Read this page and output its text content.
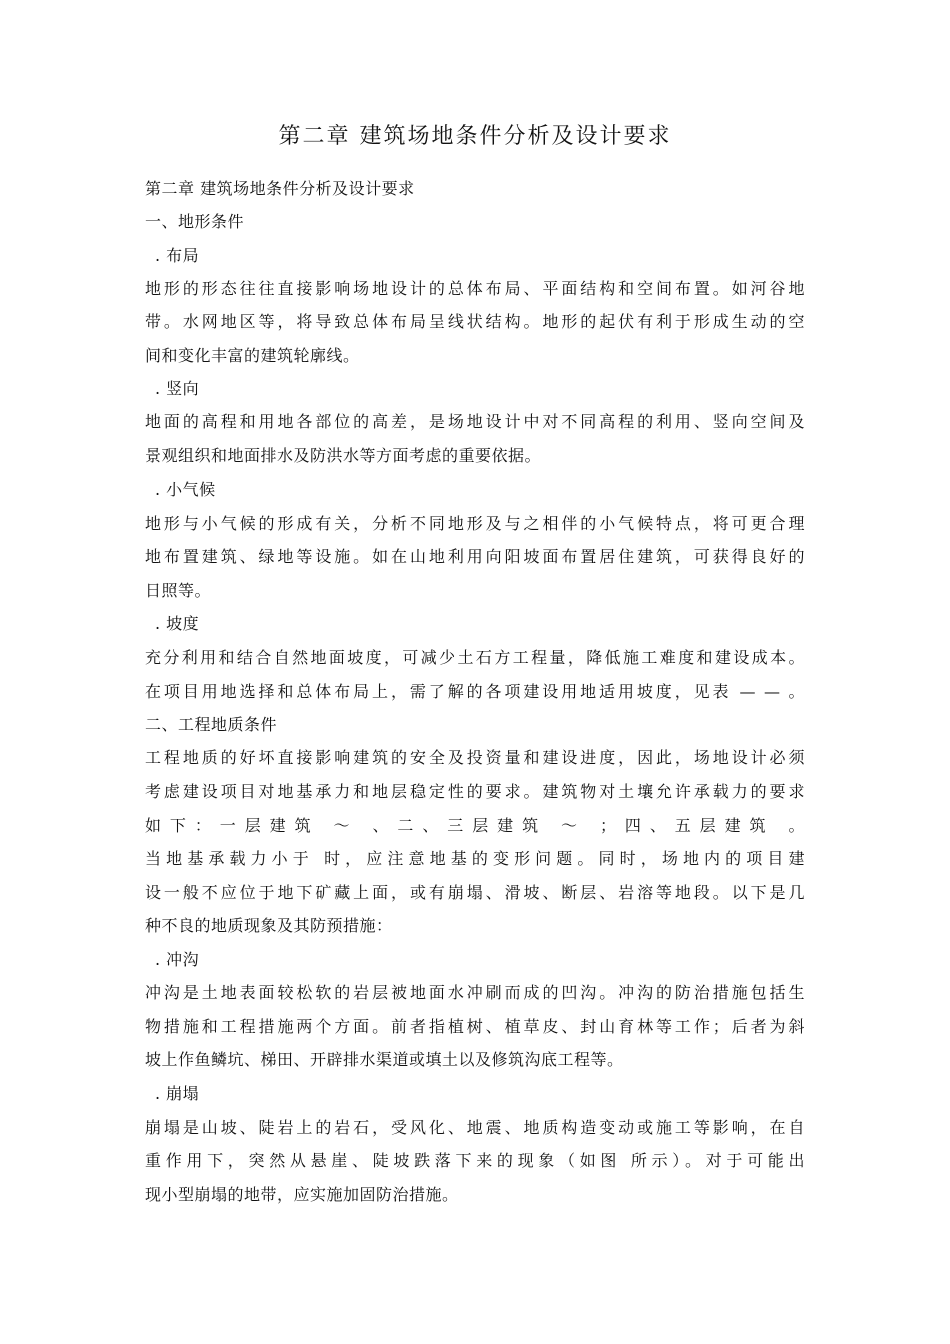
第二章 建筑场地条件分析及设计要求
第二章 建筑场地条件分析及设计要求
一、地形条件
. 布局
地形的形态往往直接影响场地设计的总体布局、平面结构和空间布置。如河谷地
带。水网地区等，将导致总体布局呈线状结构。地形的起伏有利于形成生动的空
间和变化丰富的建筑轮廓线。
. 竖向
地面的高程和用地各部位的高差，是场地设计中对不同高程的利用、竖向空间及
景观组织和地面排水及防洪水等方面考虑的重要依据。
. 小气候
地形与小气候的形成有关，分析不同地形及与之相伴的小气候特点，将可更合理
地布置建筑、绿地等设施。如在山地利用向阳坡面布置居住建筑，可获得良好的
日照等。
. 坡度
充分利用和结合自然地面坡度，可减少土石方工程量，降低施工难度和建设成本。
在项目用地选择和总体布局上，需了解的各项建设用地适用坡度，见表 — — 。
二、工程地质条件
工程地质的好坏直接影响建筑的安全及投资量和建设进度，因此，场地设计必须
考虑建设项目对地基承力和地层稳定性的要求。建筑物对土壤允许承载力的要求
如下：一层建筑 ～ 、二、三层建筑 ～ ；四、五层建筑 。
当地基承载力小于 时，应注意地基的变形问题。同时，场地内的项目建
设一般不应位于地下矿藏上面，或有崩塌、滑坡、断层、岩溶等地段。以下是几
种不良的地质现象及其防预措施：
. 冲沟
冲沟是土地表面较松软的岩层被地面水冲刷而成的凹沟。冲沟的防治措施包括生
物措施和工程措施两个方面。前者指植树、植草皮、封山育林等工作；后者为斜
坡上作鱼鳞坑、梯田、开辟排水渠道或填土以及修筑沟底工程等。
. 崩塌
崩塌是山坡、陡岩上的岩石，受风化、地震、地质构造变动或施工等影响，在自
重作用下，突然从悬崖、陡坡跌落下来的现象（如图 所示）。对于可能出
现小型崩塌的地带，应实施加固防治措施。
